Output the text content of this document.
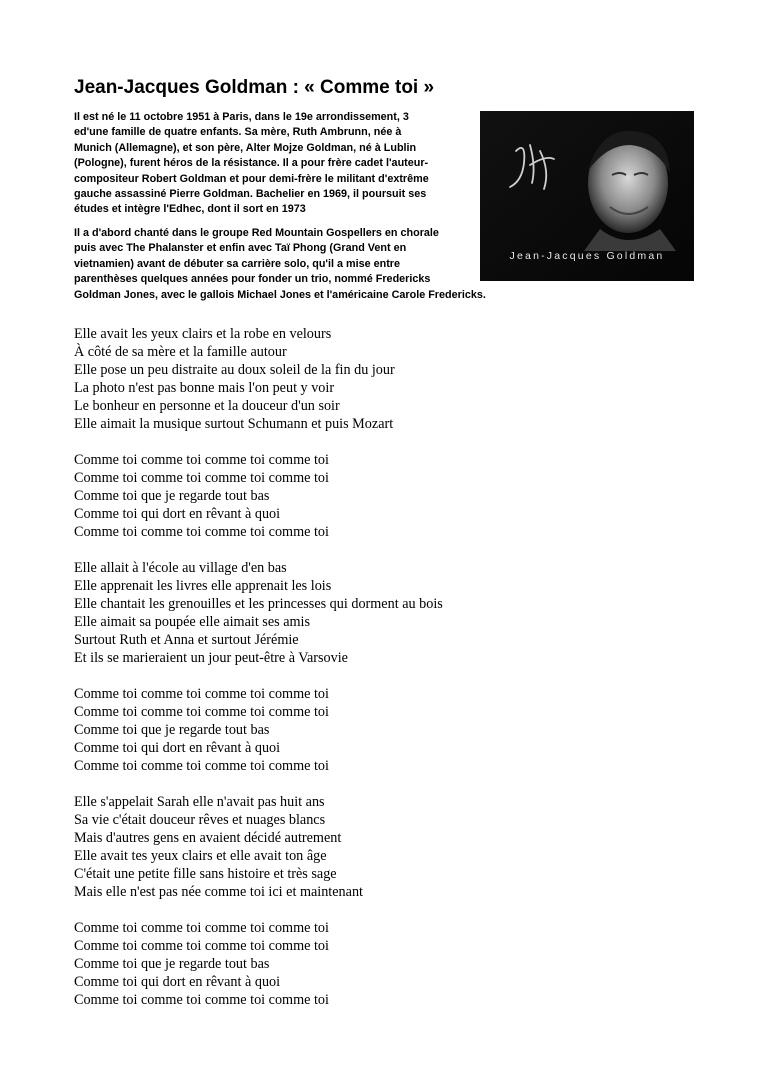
Jean-Jacques Goldman : « Comme toi »
Il est né le 11 octobre 1951 à Paris, dans le 19e arrondissement, 3
ed'une famille de quatre enfants. Sa mère, Ruth Ambrunn, née à
Munich (Allemagne), et son père, Alter Mojze Goldman, né à Lublin
(Pologne), furent héros de la résistance. Il a pour frère cadet l'auteur-
compositeur Robert Goldman et pour demi-frère le militant d'extrême
gauche assassiné Pierre Goldman. Bachelier en 1969, il poursuit ses
études et intègre l'Edhec, dont il sort en 1973
Jean-Jacques Goldman
Il a d'abord chanté dans le groupe Red Mountain Gospellers en chorale
puis avec The Phalanster et enfin avec Taï Phong (Grand Vent en
vietnamien) avant de débuter sa carrière solo, qu'il a mise entre
parenthèses quelques années pour fonder un trio, nommé Fredericks
Goldman Jones, avec le gallois Michael Jones et l'américaine Carole Fredericks.
Elle avait les yeux clairs et la robe en velours
À côté de sa mère et la famille autour
Elle pose un peu distraite au doux soleil de la fin du jour
La photo n'est pas bonne mais l'on peut y voir
Le bonheur en personne et la douceur d'un soir
Elle aimait la musique surtout Schumann et puis Mozart
Comme toi comme toi comme toi comme toi
Comme toi comme toi comme toi comme toi
Comme toi que je regarde tout bas
Comme toi qui dort en rêvant à quoi
Comme toi comme toi comme toi comme toi
Elle allait à l'école au village d'en bas
Elle apprenait les livres elle apprenait les lois
Elle chantait les grenouilles et les princesses qui dorment au bois
Elle aimait sa poupée elle aimait ses amis
Surtout Ruth et Anna et surtout Jérémie
Et ils se marieraient un jour peut-être à Varsovie
Comme toi comme toi comme toi comme toi
Comme toi comme toi comme toi comme toi
Comme toi que je regarde tout bas
Comme toi qui dort en rêvant à quoi
Comme toi comme toi comme toi comme toi
Elle s'appelait Sarah elle n'avait pas huit ans
Sa vie c'était douceur rêves et nuages blancs
Mais d'autres gens en avaient décidé autrement
Elle avait tes yeux clairs et elle avait ton âge
C'était une petite fille sans histoire et très sage
Mais elle n'est pas née comme toi ici et maintenant
Comme toi comme toi comme toi comme toi
Comme toi comme toi comme toi comme toi
Comme toi que je regarde tout bas
Comme toi qui dort en rêvant à quoi
Comme toi comme toi comme toi comme toi
